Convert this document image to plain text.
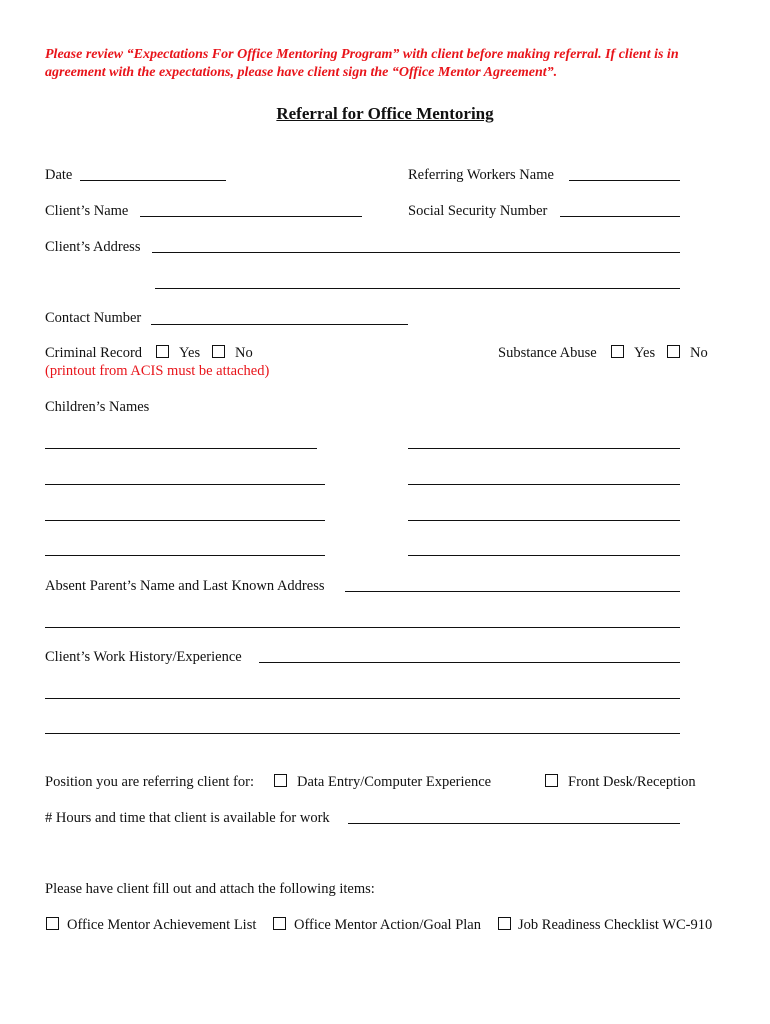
Please review “Expectations For Office Mentoring Program” with client before making referral. If client is in agreement with the expectations, please have client sign the “Office Mentor Agreement”.
Referral for Office Mentoring
Date	Referring Workers Name
Client’s Name	Social Security Number
Client’s Address
Contact Number
Criminal Record	Yes No
(printout from ACIS must be attached)
Substance Abuse	Yes No
Children’s Names
Absent Parent’s Name and Last Known Address
Client’s Work History/Experience
Position you are referring client for:	Data Entry/Computer Experience	Front Desk/Reception
# Hours and time that client is available for work
Please have client fill out and attach the following items:
Office Mentor Achievement List	Office Mentor Action/Goal Plan	Job Readiness Checklist WC-910
